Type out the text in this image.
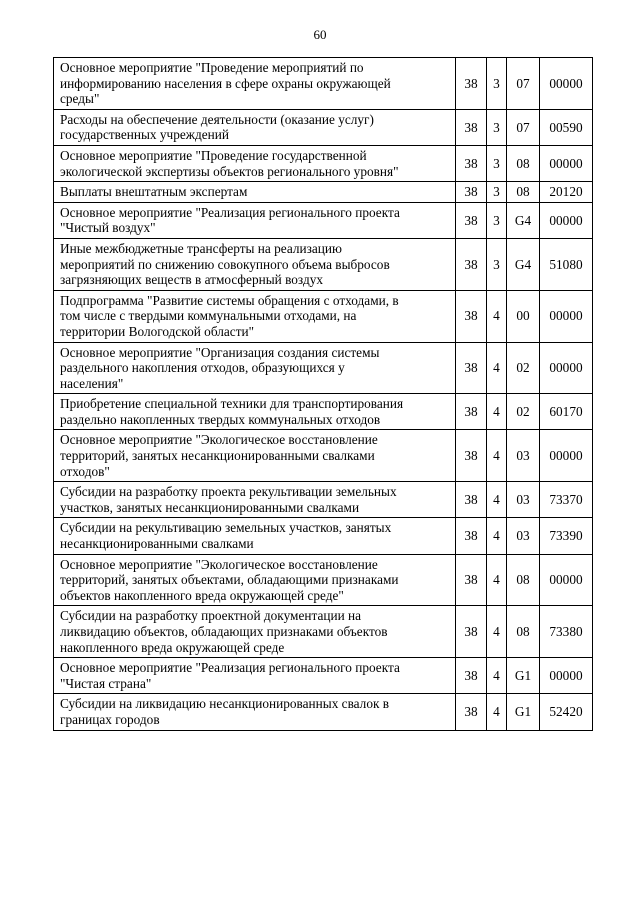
60
Основное мероприятие "Проведение мероприятий по
информированию населения в сфере охраны окружающей
среды"	38	3	07	00000

Расходы на обеспечение деятельности (оказание услуг)
государственных учреждений	38	3	07	00590

Основное мероприятие "Проведение государственной
экологической экспертизы объектов регионального уровня"	38	3	08	00000

Выплаты внештатным экспертам	38	3	08	20120

Основное мероприятие "Реализация регионального проекта
"Чистый воздух"	38	3	G4	00000

Иные межбюджетные трансферты на реализацию
мероприятий по снижению совокупного объема выбросов
загрязняющих веществ в атмосферный воздух	38	3	G4	51080

Подпрограмма "Развитие системы обращения с отходами, в
том числе с твердыми коммунальными отходами, на
территории Вологодской области"	38	4	00	00000

Основное мероприятие "Организация создания системы
раздельного накопления отходов, образующихся у
населения"	38	4	02	00000

Приобретение специальной техники для транспортирования
раздельно накопленных твердых коммунальных отходов	38	4	02	60170

Основное мероприятие "Экологическое восстановление
территорий, занятых несанкционированными свалками
отходов"	38	4	03	00000

Субсидии на разработку проекта рекультивации земельных
участков, занятых несанкционированными свалками	38	4	03	73370

Субсидии на рекультивацию земельных участков, занятых
несанкционированными свалками	38	4	03	73390

Основное мероприятие "Экологическое восстановление
территорий, занятых объектами, обладающими признаками
объектов накопленного вреда окружающей среде"	38	4	08	00000

Субсидии на разработку проектной документации на
ликвидацию объектов, обладающих признаками объектов
накопленного вреда окружающей среде	38	4	08	73380

Основное мероприятие "Реализация регионального проекта
"Чистая страна"	38	4	G1	00000

Субсидии на ликвидацию несанкционированных свалок в
границах городов	38	4	G1	52420
